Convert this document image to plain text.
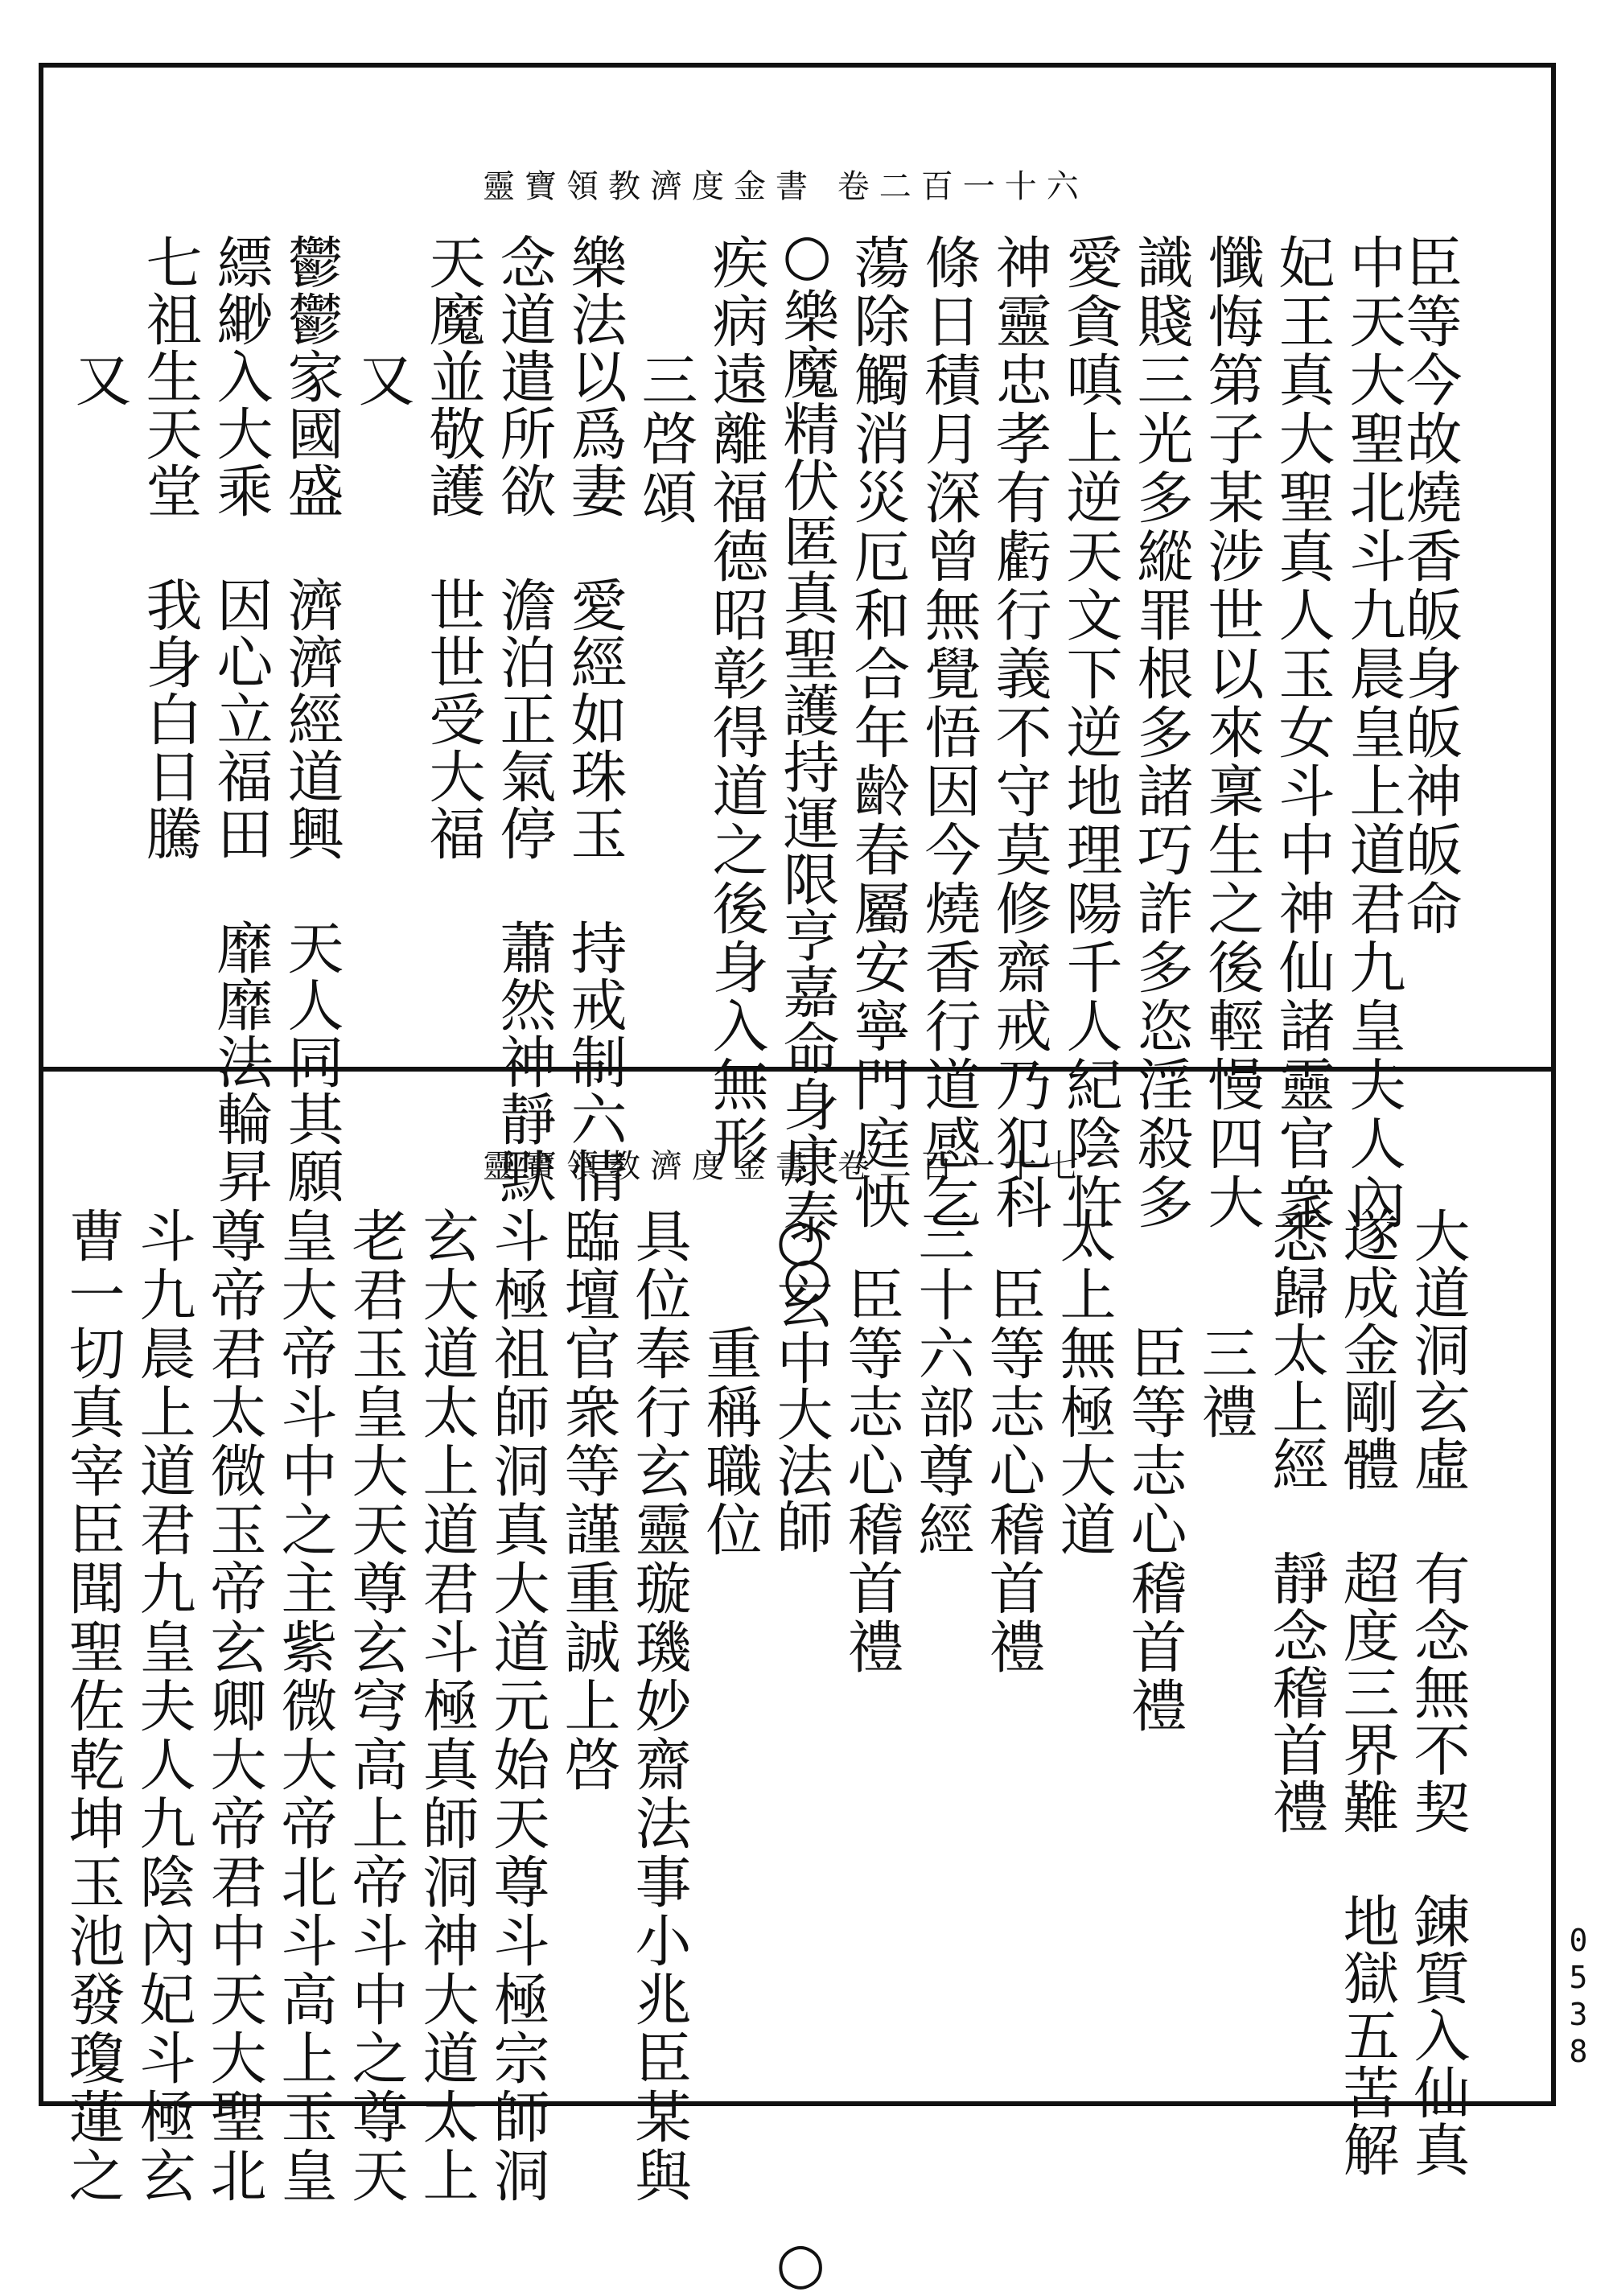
靈寶領教濟度金書 卷二百一十六
臣等今故燒香皈身皈神皈命
中天大聖北斗九晨皇上道君九皇夫人內
妃王真大聖真人玉女斗中神仙諸靈官衆
懺悔第子某涉世以來稟生之後輕慢四大
識賤三光多縱罪根多諸巧詐多恣淫殺多
愛貪嗔上逆天文下逆地理陽千人紀陰忤
神靈忠孝有虧行義不守莫修齋戒乃犯科
條日積月深曾無覺悟因今燒香行道感乞
蕩除觸消災厄和合年齡春屬安寧門庭怏
○樂魔精伏匿真聖護持運限亨嘉命身康泰○
疾病遠離福德昭彰得道之後身入無形
　　三啓頌
樂法以爲妻　愛經如珠玉　持戒制六情
念道遣所欲　澹泊正氣停　蕭然神靜默
天魔並敬護　世世受大福
　　又
鬱鬱家國盛　濟濟經道興　天人同其願
縹緲入大乘　因心立福田　靡靡法輪昇
七祖生天堂　我身白日騰
　　又
靈寶領教濟度金書 卷二百一十七
大道洞玄虛　有念無不契　錬質入仙真
遂成金剛體　超度三界難　地獄五苦解
悉歸太上經　靜念稽首禮
　　三禮
　　臣等志心稽首禮
太上無極大道
　臣等志心稽首禮
三十六部尊經
　臣等志心稽首禮
○玄中大法師　　　　　　　　　　　　○
　　重稱職位
具位奉行玄靈璇璣妙齋法事小兆臣某與
臨壇官衆等謹重誠上啓
斗極祖師洞真大道元始天尊斗極宗師洞
玄大道太上道君斗極真師洞神大道太上
老君玉皇大天尊玄穹高上帝斗中之尊天
皇大帝斗中之主紫微大帝北斗高上玉皇
尊帝君太微玉帝玄卿大帝君中天大聖北
斗九晨上道君九皇夫人九陰內妃斗極玄
曹一切真宰臣聞聖佐乾坤玉池發瓊蓮之	0538
